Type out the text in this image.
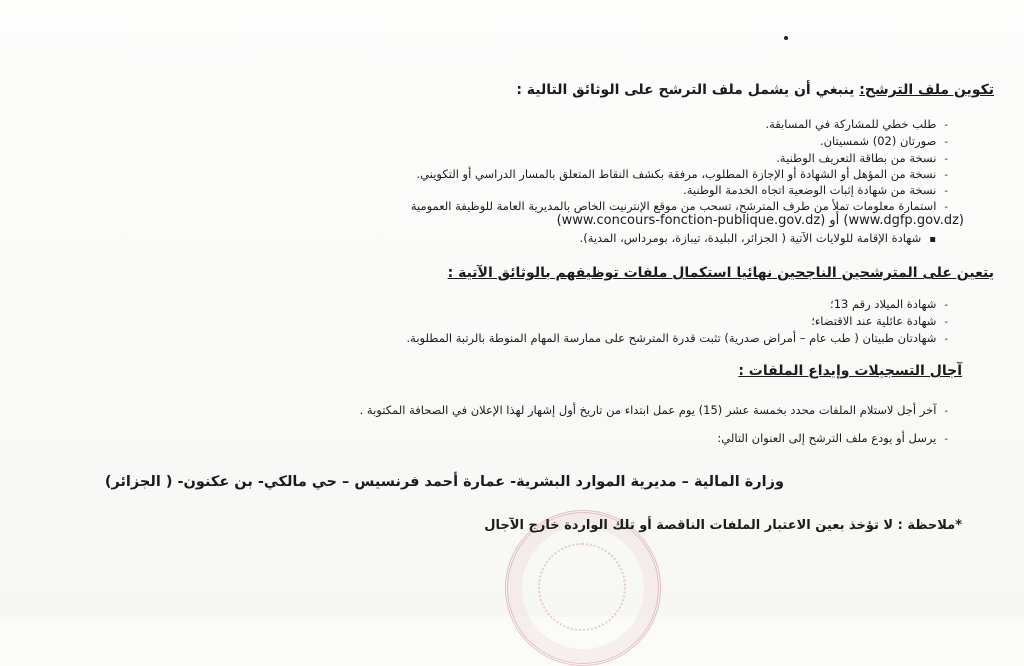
تكوين ملف الترشح: ينبغي أن يشمل ملف الترشح على الوثائق التالية :
-طلب خطي للمشاركة في المسابقة.
-صورتان (02) شمسيتان.
-نسخة من بطاقة التعريف الوطنية.
-نسخة من المؤهل أو الشهادة أو الإجازة المطلوب، مرفقة بكشف النقاط المتعلق بالمسار الدراسي أو التكويني.
-نسخة من شهادة إثبات الوضعية اتجاه الخدمة الوطنية.
-استمارة معلومات تملأ من طرف المترشح، تسحب من موقع الإنترنيت الخاص بالمديرية العامة للوظيفة العمومية
(www.dgfp.gov.dz) أو (www.concours-fonction-publique.gov.dz)
▪شهادة الإقامة للولايات الآتية ( الجزائر، البليدة، تيبازة، بومرداس، المدية).
يتعين على المترشحين الناجحين نهائيا استكمال ملفات توظيفهم بالوثائق الآتية :
-شهادة الميلاد رقم 13؛
-شهادة عائلية عند الاقتضاء؛
-شهادتان طبيتان ( طب عام – أمراض صدرية) تثبت قدرة المترشح على ممارسة المهام المنوطة بالرتبة المطلوبة.
آجال التسجيلات وإيداع الملفات :
-آخر أجل لاستلام الملفات محدد بخمسة عشر (15) يوم عمل ابتداء من تاريخ أول إشهار لهذا الإعلان في الصحافة المكتوبة .
-يرسل أو يودع ملف الترشح إلى العنوان التالي:
وزارة المالية – مديرية الموارد البشرية- عمارة أحمد فرنسيس – حي مالكي- بن عكنون- ( الجزائر)
*ملاحظة : لا تؤخذ بعين الاعتبار الملفات الناقصة أو تلك الواردة خارج الآجال
